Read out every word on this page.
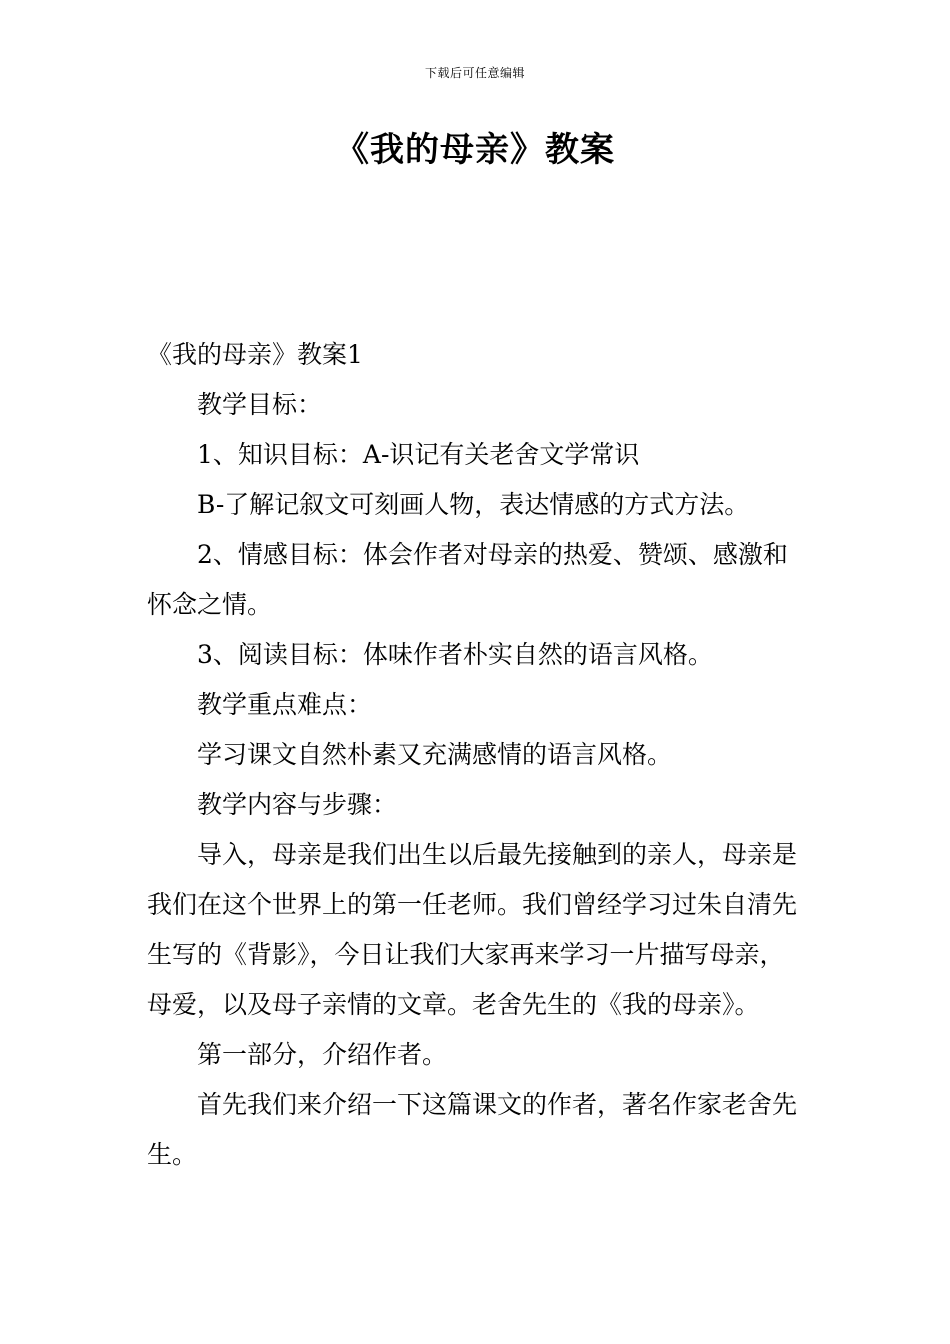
下载后可任意编辑
《我的母亲》教案

《我的母亲》教案1

教学目标：

1、知识目标：A-识记有关老舍文学常识

B-了解记叙文可刻画人物，表达情感的方式方法。

2、情感目标：体会作者对母亲的热爱、赞颂、感激和怀念之情。

3、阅读目标：体味作者朴实自然的语言风格。

教学重点难点：

学习课文自然朴素又充满感情的语言风格。

教学内容与步骤：

导入，母亲是我们出生以后最先接触到的亲人，母亲是我们在这个世界上的第一任老师。我们曾经学习过朱自清先生写的《背影》，今日让我们大家再来学习一片描写母亲，母爱，以及母子亲情的文章。老舍先生的《我的母亲》。

第一部分，介绍作者。

首先我们来介绍一下这篇课文的作者，著名作家老舍先生。
